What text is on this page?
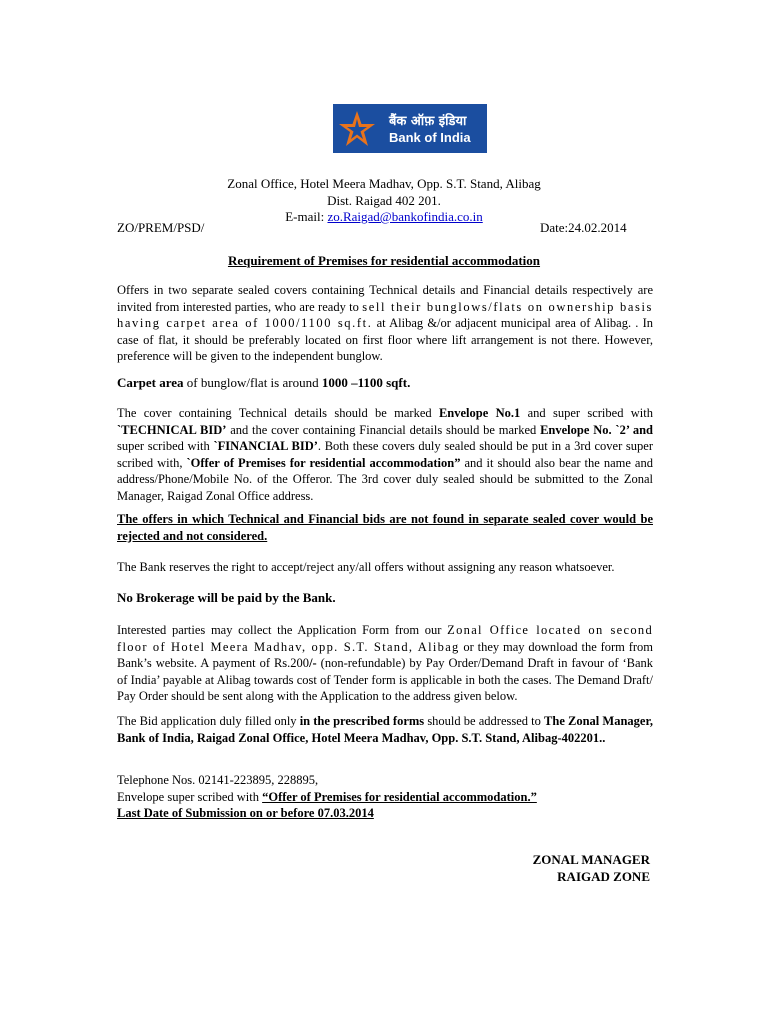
बैंक ऑफ़ इंडिया
Bank of India
Zonal Office, Hotel Meera Madhav, Opp. S.T. Stand, Alibag
Dist. Raigad 402 201.
E-mail: zo.Raigad@bankofindia.co.in
ZO/PREM/PSD/	Date:24.02.2014
Requirement of Premises for residential accommodation
Offers in two separate sealed covers containing Technical details and Financial details respectively are invited from interested parties, who are ready to sell their bunglows/flats on ownership basis having carpet area of 1000/1100 sq.ft. at Alibag &/or adjacent municipal area of Alibag. . In case of flat, it should be preferably located on first floor where lift arrangement is not there. However, preference will be given to the independent bunglow.
Carpet area of bunglow/flat is around 1000 –1100 sqft.
The cover containing Technical details should be marked Envelope No.1 and super scribed with `TECHNICAL BID’ and the cover containing Financial details should be marked Envelope No. `2’ and super scribed with `FINANCIAL BID’. Both these covers duly sealed should be put in a 3rd cover super scribed with, `Offer of Premises for residential accommodation” and it should also bear the name and address/Phone/Mobile No. of the Offeror. The 3rd cover duly sealed should be submitted to the Zonal Manager, Raigad Zonal Office address.
The offers in which Technical and Financial bids are not found in separate sealed cover would be rejected and not considered.
The Bank reserves the right to accept/reject any/all offers without assigning any reason whatsoever.
No Brokerage will be paid by the Bank.
Interested parties may collect the Application Form from our Zonal Office located on second floor of Hotel Meera Madhav, opp. S.T. Stand, Alibag or they may download the form from Bank’s website. A payment of Rs.200/- (non-refundable) by Pay Order/Demand Draft in favour of ‘Bank of India’ payable at Alibag towards cost of Tender form is applicable in both the cases. The Demand Draft/ Pay Order should be sent along with the Application to the address given below.
The Bid application duly filled only in the prescribed forms should be addressed to The Zonal Manager, Bank of India, Raigad Zonal Office, Hotel Meera Madhav, Opp. S.T. Stand, Alibag-402201..
Telephone Nos. 02141-223895, 228895,
Envelope super scribed with “Offer of Premises for residential accommodation.”
Last Date of Submission on or before 07.03.2014
ZONAL MANAGER
RAIGAD ZONE
